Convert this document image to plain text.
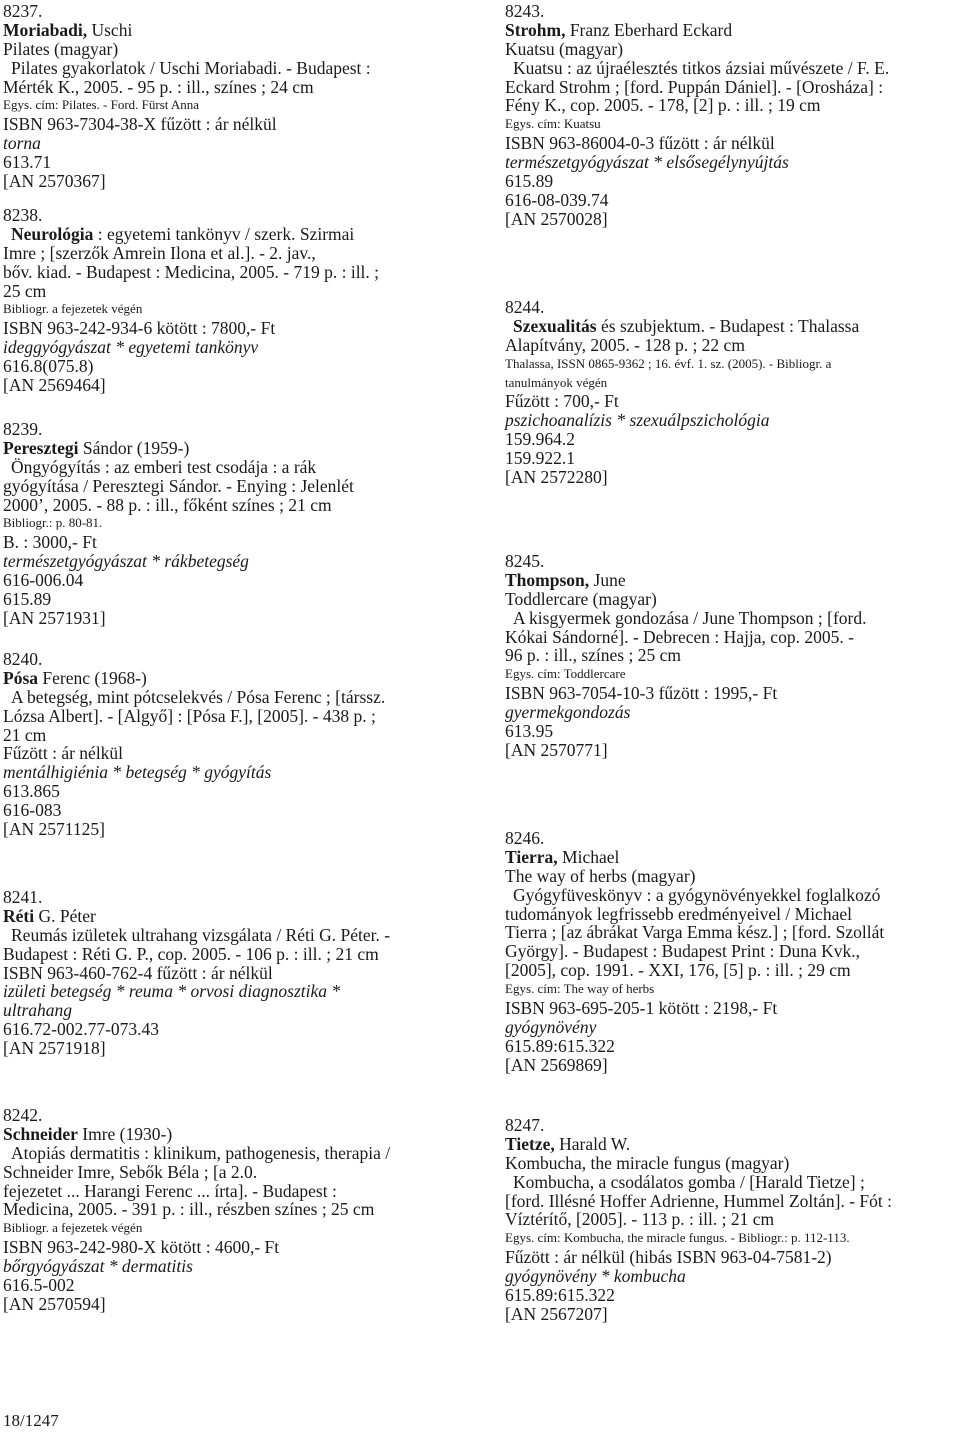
8237.
Moriabadi, Uschi
Pilates (magyar)
Pilates gyakorlatok / Uschi Moriabadi. - Budapest :
Mérték K., 2005. - 95 p. : ill., színes ; 24 cm
Egys. cím: Pilates. - Ford. Fürst Anna
ISBN 963-7304-38-X fűzött : ár nélkül
torna
613.71
[AN 2570367]
8238.
Neurológia : egyetemi tankönyv / szerk. Szirmai
Imre ; [szerzők Amrein Ilona et al.]. - 2. jav.,
bőv. kiad. - Budapest : Medicina, 2005. - 719 p. : ill. ;
25 cm
Bibliogr. a fejezetek végén
ISBN 963-242-934-6 kötött : 7800,- Ft
ideggyógyászat * egyetemi tankönyv
616.8(075.8)
[AN 2569464]
8239.
Peresztegi Sándor (1959-)
Öngyógyítás : az emberi test csodája : a rák
gyógyítása / Peresztegi Sándor. - Enying : Jelenlét
2000’, 2005. - 88 p. : ill., főként színes ; 21 cm
Bibliogr.: p. 80-81.
B. : 3000,- Ft
természetgyógyászat * rákbetegség
616-006.04
615.89
[AN 2571931]
8240.
Pósa Ferenc (1968-)
A betegség, mint pótcselekvés / Pósa Ferenc ; [társsz.
Lózsa Albert]. - [Algyő] : [Pósa F.], [2005]. - 438 p. ;
21 cm
Fűzött : ár nélkül
mentálhigiénia * betegség * gyógyítás
613.865
616-083
[AN 2571125]
8241.
Réti G. Péter
Reumás izületek ultrahang vizsgálata / Réti G. Péter. -
Budapest : Réti G. P., cop. 2005. - 106 p. : ill. ; 21 cm
ISBN 963-460-762-4 fűzött : ár nélkül
izületi betegség * reuma * orvosi diagnosztika *
ultrahang
616.72-002.77-073.43
[AN 2571918]
8242.
Schneider Imre (1930-)
Atopiás dermatitis : klinikum, pathogenesis, therapia /
Schneider Imre, Sebők Béla ; [a 2.0.
fejezetet ... Harangi Ferenc ... írta]. - Budapest :
Medicina, 2005. - 391 p. : ill., részben színes ; 25 cm
Bibliogr. a fejezetek végén
ISBN 963-242-980-X kötött : 4600,- Ft
bőrgyógyászat * dermatitis
616.5-002
[AN 2570594]
8243.
Strohm, Franz Eberhard Eckard
Kuatsu (magyar)
Kuatsu : az újraélesztés titkos ázsiai művészete / F. E.
Eckard Strohm ; [ford. Puppán Dániel]. - [Orosháza] :
Fény K., cop. 2005. - 178, [2] p. : ill. ; 19 cm
Egys. cím: Kuatsu
ISBN 963-86004-0-3 fűzött : ár nélkül
természetgyógyászat * elsősegélynyújtás
615.89
616-08-039.74
[AN 2570028]
8244.
Szexualitás és szubjektum. - Budapest : Thalassa
Alapítvány, 2005. - 128 p. ; 22 cm
Thalassa, ISSN 0865-9362 ; 16. évf. 1. sz. (2005). - Bibliogr. a
tanulmányok végén
Fűzött : 700,- Ft
pszichoanalízis * szexuálpszichológia
159.964.2
159.922.1
[AN 2572280]
8245.
Thompson, June
Toddlercare (magyar)
A kisgyermek gondozása / June Thompson ; [ford.
Kókai Sándorné]. - Debrecen : Hajja, cop. 2005. -
96 p. : ill., színes ; 25 cm
Egys. cím: Toddlercare
ISBN 963-7054-10-3 fűzött : 1995,- Ft
gyermekgondozás
613.95
[AN 2570771]
8246.
Tierra, Michael
The way of herbs (magyar)
Gyógyfüveskönyv : a gyógynövényekkel foglalkozó
tudományok legfrissebb eredményeivel / Michael
Tierra ; [az ábrákat Varga Emma kész.] ; [ford. Szollát
György]. - Budapest : Budapest Print : Duna Kvk.,
[2005], cop. 1991. - XXI, 176, [5] p. : ill. ; 29 cm
Egys. cím: The way of herbs
ISBN 963-695-205-1 kötött : 2198,- Ft
gyógynövény
615.89:615.322
[AN 2569869]
8247.
Tietze, Harald W.
Kombucha, the miracle fungus (magyar)
Kombucha, a csodálatos gomba / [Harald Tietze] ;
[ford. Illésné Hoffer Adrienne, Hummel Zoltán]. - Fót :
Víztérítő, [2005]. - 113 p. : ill. ; 21 cm
Egys. cím: Kombucha, the miracle fungus. - Bibliogr.: p. 112-113.
Fűzött : ár nélkül (hibás ISBN 963-04-7581-2)
gyógynövény * kombucha
615.89:615.322
[AN 2567207]
18/1247
